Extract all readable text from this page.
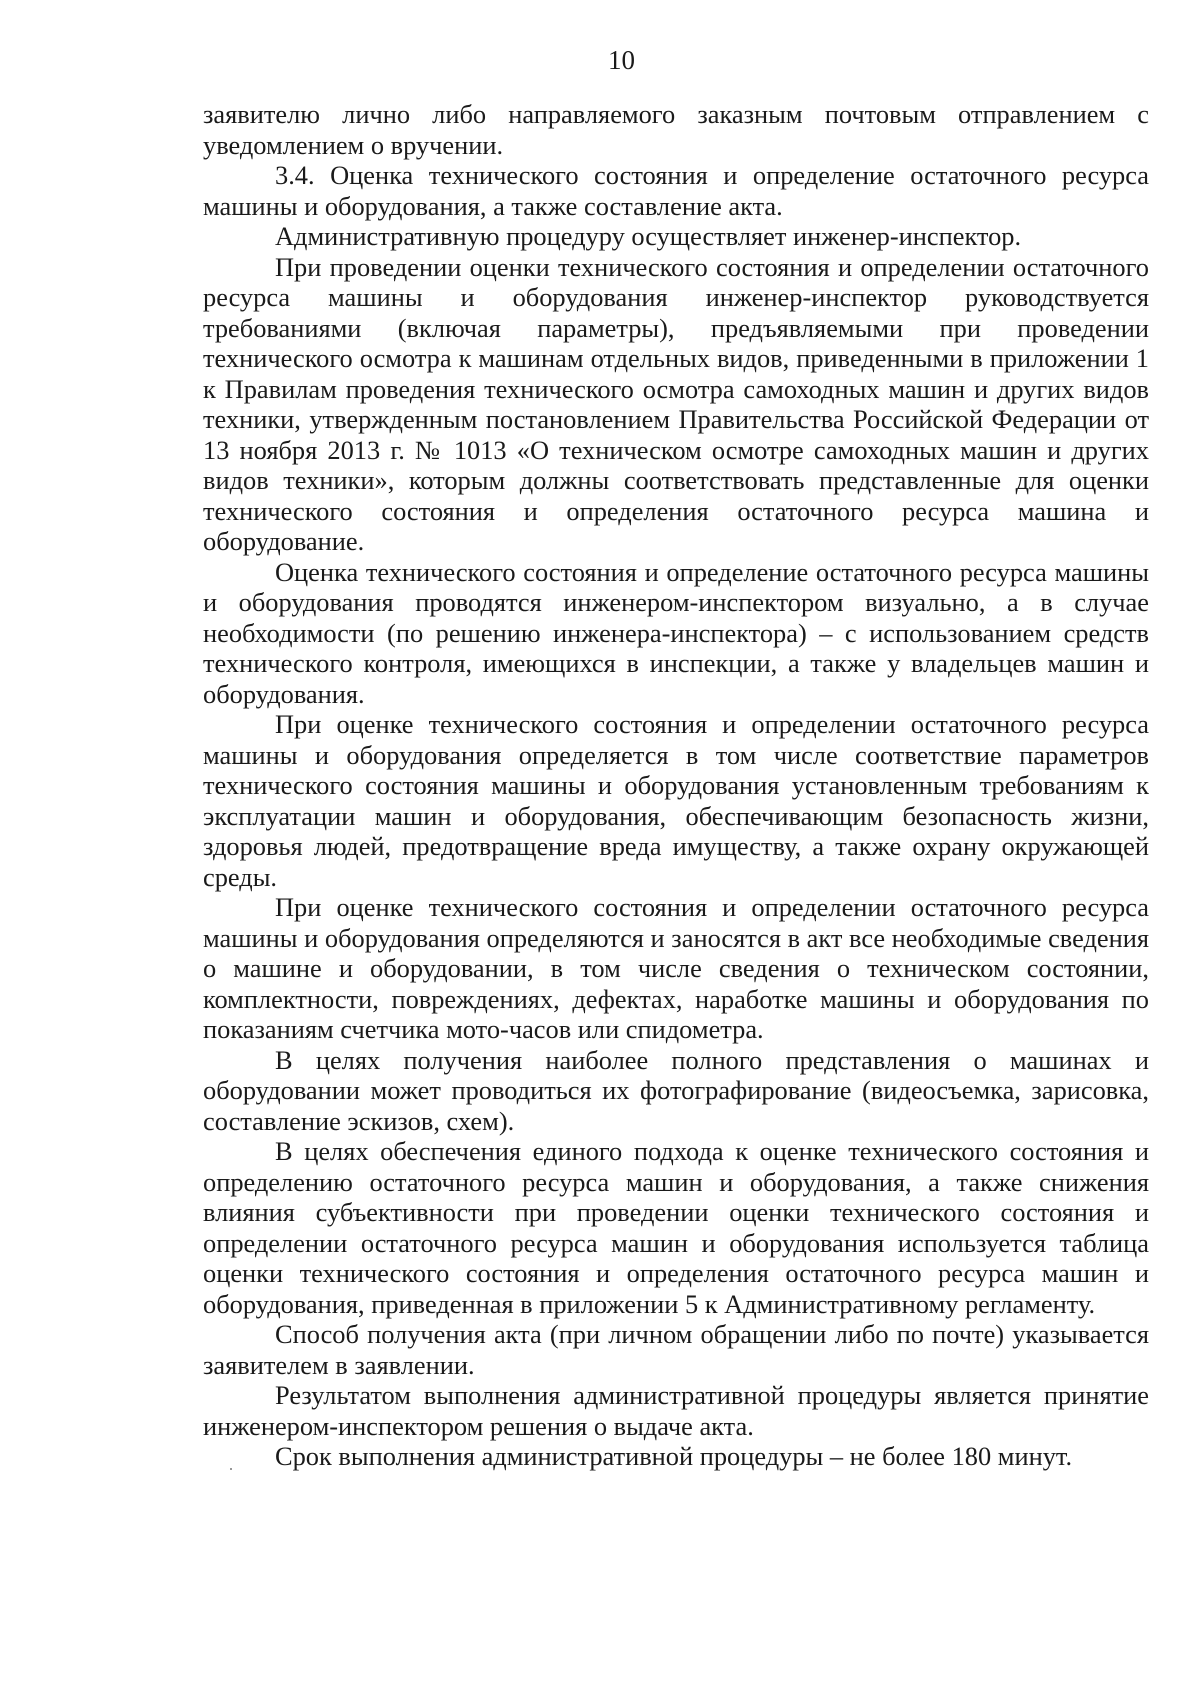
10

заявителю лично либо направляемого заказным почтовым отправлением с уведомлением о вручении.

3.4. Оценка технического состояния и определение остаточного ресурса машины и оборудования, а также составление акта.

Административную процедуру осуществляет инженер-инспектор.

При проведении оценки технического состояния и определении остаточного ресурса машины и оборудования инженер-инспектор руководствуется требованиями (включая параметры), предъявляемыми при проведении технического осмотра к машинам отдельных видов, приведенными в приложении 1 к Правилам проведения технического осмотра самоходных машин и других видов техники, утвержденным постановлением Правительства Российской Федерации от 13 ноября 2013 г. № 1013 «О техническом осмотре самоходных машин и других видов техники», которым должны соответствовать представленные для оценки технического состояния и определения остаточного ресурса машина и оборудование.

Оценка технического состояния и определение остаточного ресурса машины и оборудования проводятся инженером-инспектором визуально, а в случае необходимости (по решению инженера-инспектора) – с использованием средств технического контроля, имеющихся в инспекции, а также у владельцев машин и оборудования.

При оценке технического состояния и определении остаточного ресурса машины и оборудования определяется в том числе соответствие параметров технического состояния машины и оборудования установленным требованиям к эксплуатации машин и оборудования, обеспечивающим безопасность жизни, здоровья людей, предотвращение вреда имуществу, а также охрану окружающей среды.

При оценке технического состояния и определении остаточного ресурса машины и оборудования определяются и заносятся в акт все необходимые сведения о машине и оборудовании, в том числе сведения о техническом состоянии, комплектности, повреждениях, дефектах, наработке машины и оборудования по показаниям счетчика мото-часов или спидометра.

В целях получения наиболее полного представления о машинах и оборудовании может проводиться их фотографирование (видеосъемка, зарисовка, составление эскизов, схем).

В целях обеспечения единого подхода к оценке технического состояния и определению остаточного ресурса машин и оборудования, а также снижения влияния субъективности при проведении оценки технического состояния и определении остаточного ресурса машин и оборудования используется таблица оценки технического состояния и определения остаточного ресурса машин и оборудования, приведенная в приложении 5 к Административному регламенту.

Способ получения акта (при личном обращении либо по почте) указывается заявителем в заявлении.

Результатом выполнения административной процедуры является принятие инженером-инспектором решения о выдаче акта.

Срок выполнения административной процедуры – не более 180 минут.
